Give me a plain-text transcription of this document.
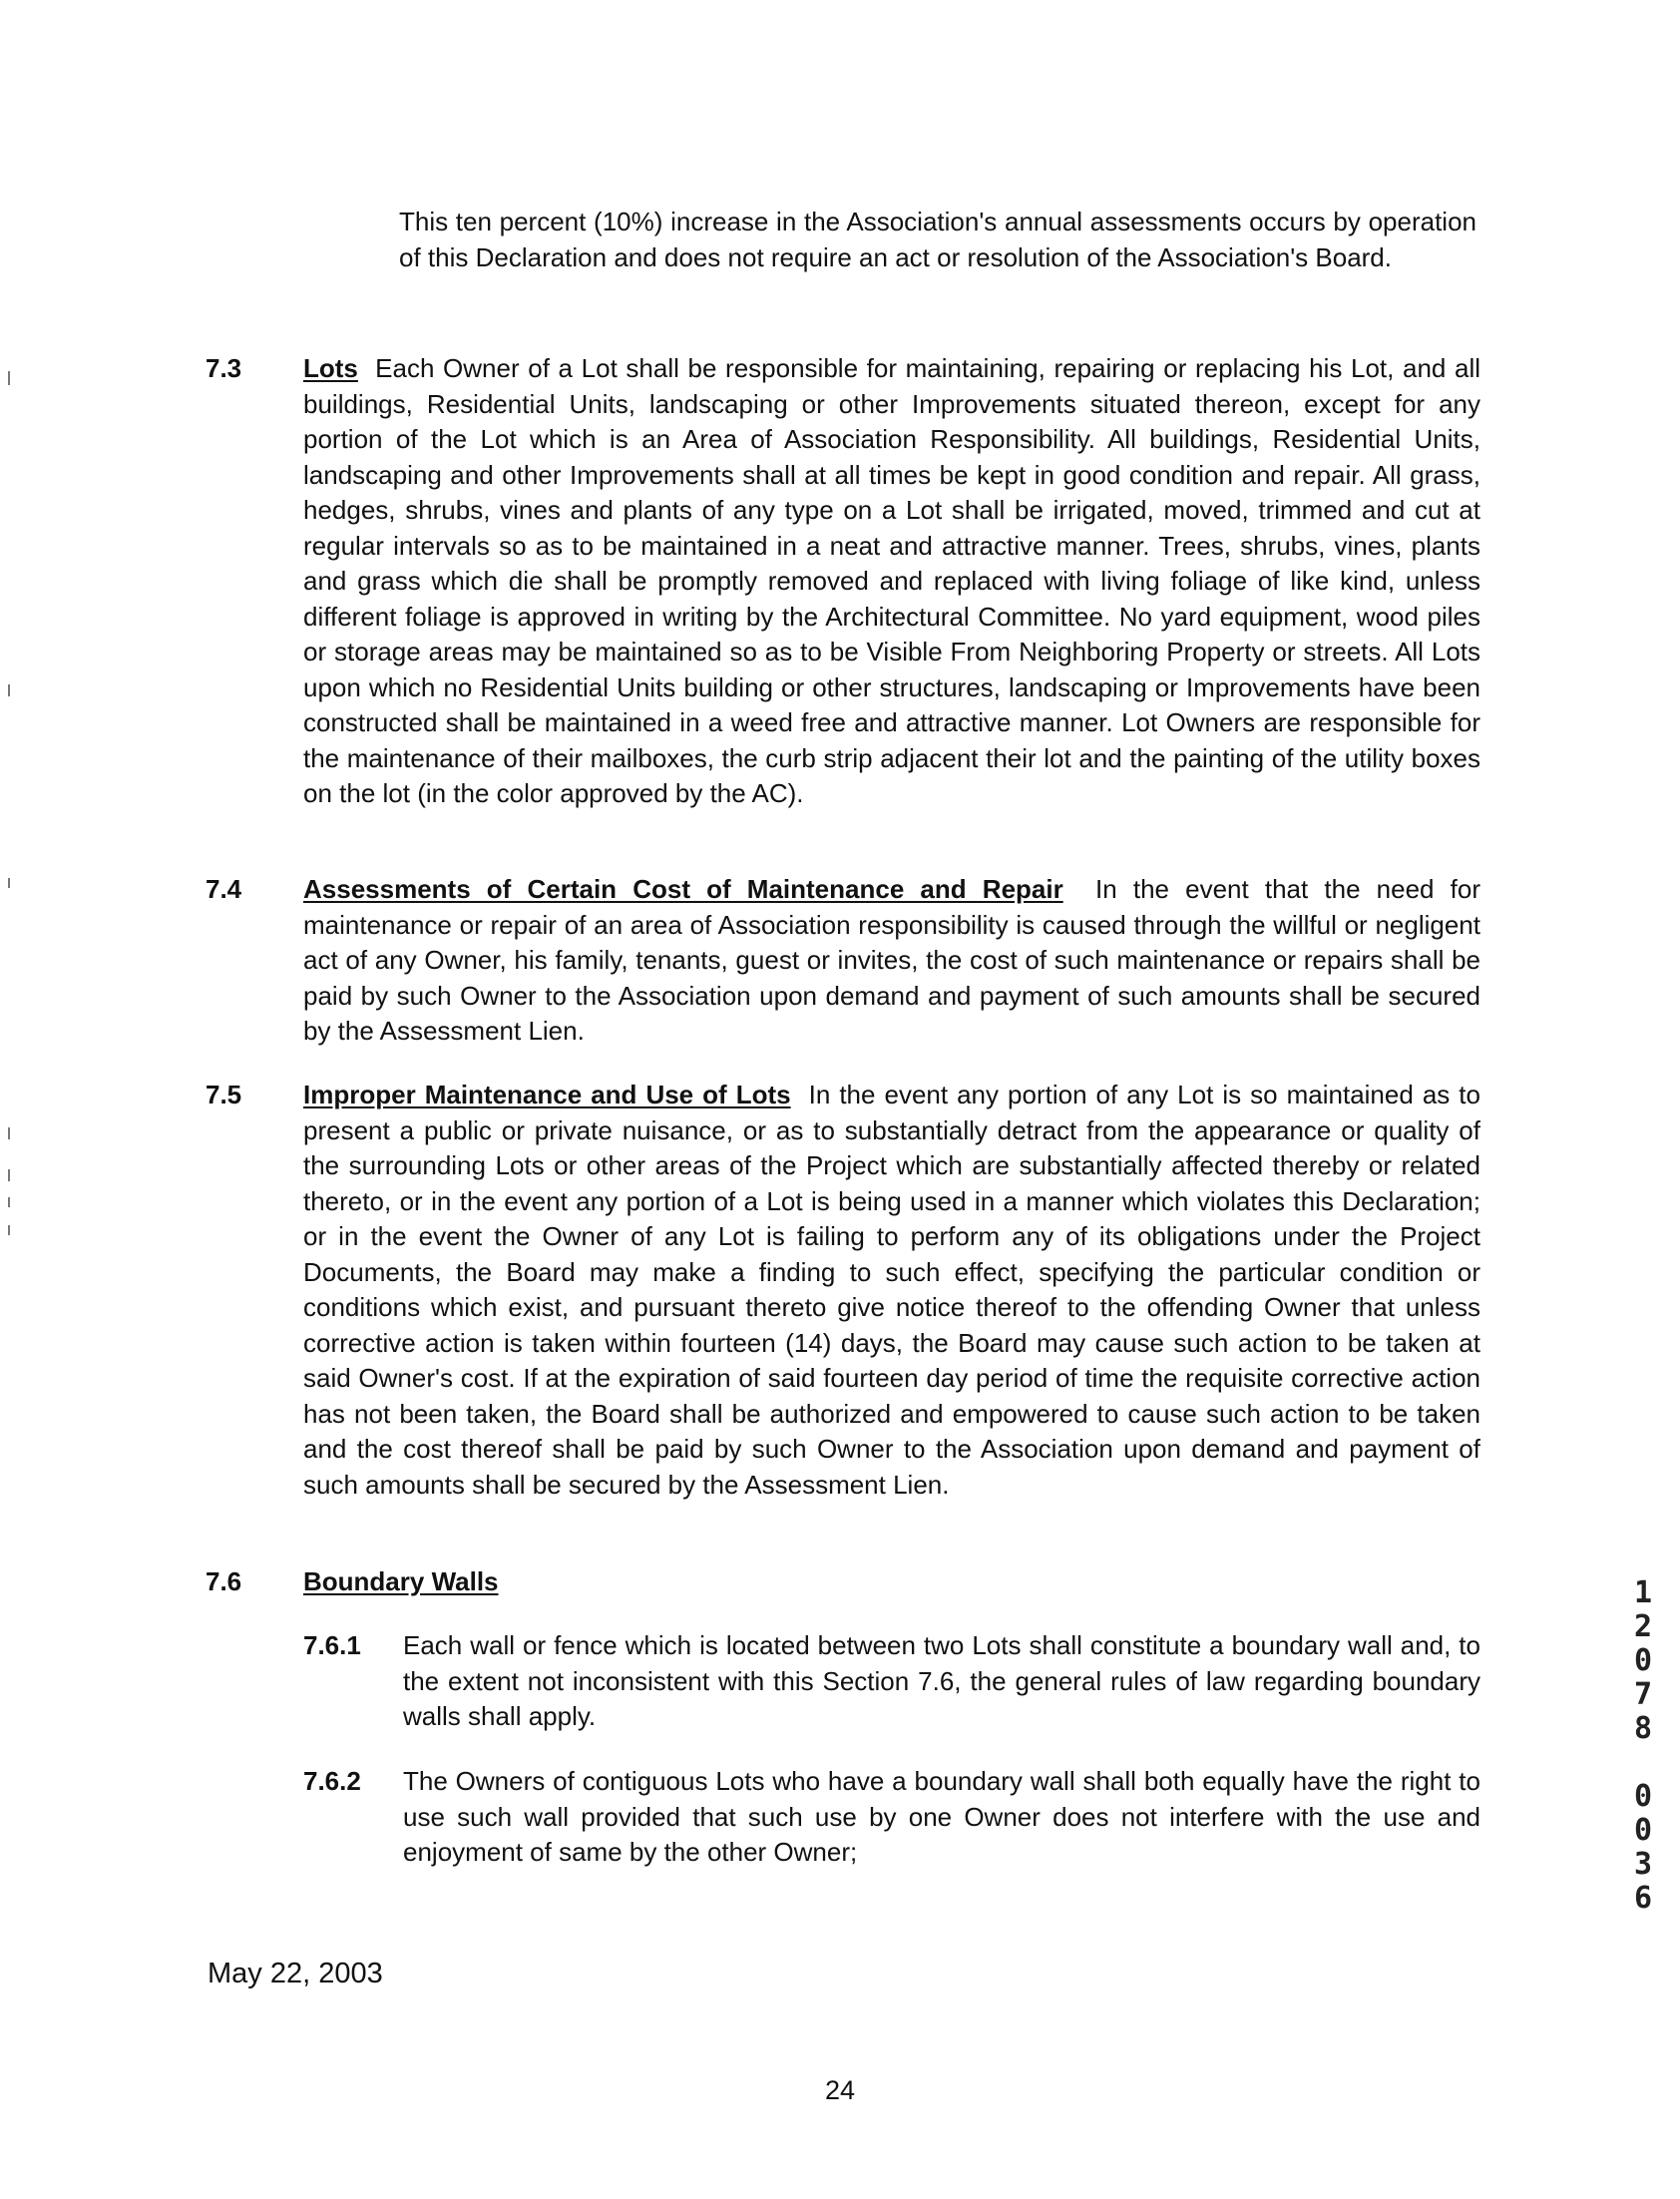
This ten percent (10%) increase in the Association's annual assessments occurs by operation of this Declaration and does not require an act or resolution of the Association's Board.

7.3 Lots Each Owner of a Lot shall be responsible for maintaining, repairing or replacing his Lot, and all buildings, Residential Units, landscaping or other Improvements situated thereon, except for any portion of the Lot which is an Area of Association Responsibility. All buildings, Residential Units, landscaping and other Improvements shall at all times be kept in good condition and repair. All grass, hedges, shrubs, vines and plants of any type on a Lot shall be irrigated, moved, trimmed and cut at regular intervals so as to be maintained in a neat and attractive manner. Trees, shrubs, vines, plants and grass which die shall be promptly removed and replaced with living foliage of like kind, unless different foliage is approved in writing by the Architectural Committee. No yard equipment, wood piles or storage areas may be maintained so as to be Visible From Neighboring Property or streets. All Lots upon which no Residential Units building or other structures, landscaping or Improvements have been constructed shall be maintained in a weed free and attractive manner. Lot Owners are responsible for the maintenance of their mailboxes, the curb strip adjacent their lot and the painting of the utility boxes on the lot (in the color approved by the AC).

7.4 Assessments of Certain Cost of Maintenance and Repair In the event that the need for maintenance or repair of an area of Association responsibility is caused through the willful or negligent act of any Owner, his family, tenants, guest or invites, the cost of such maintenance or repairs shall be paid by such Owner to the Association upon demand and payment of such amounts shall be secured by the Assessment Lien.

7.5 Improper Maintenance and Use of Lots In the event any portion of any Lot is so maintained as to present a public or private nuisance, or as to substantially detract from the appearance or quality of the surrounding Lots or other areas of the Project which are substantially affected thereby or related thereto, or in the event any portion of a Lot is being used in a manner which violates this Declaration; or in the event the Owner of any Lot is failing to perform any of its obligations under the Project Documents, the Board may make a finding to such effect, specifying the particular condition or conditions which exist, and pursuant thereto give notice thereof to the offending Owner that unless corrective action is taken within fourteen (14) days, the Board may cause such action to be taken at said Owner's cost. If at the expiration of said fourteen day period of time the requisite corrective action has not been taken, the Board shall be authorized and empowered to cause such action to be taken and the cost thereof shall be paid by such Owner to the Association upon demand and payment of such amounts shall be secured by the Assessment Lien.

7.6 Boundary Walls

7.6.1 Each wall or fence which is located between two Lots shall constitute a boundary wall and, to the extent not inconsistent with this Section 7.6, the general rules of law regarding boundary walls shall apply.

7.6.2 The Owners of contiguous Lots who have a boundary wall shall both equally have the right to use such wall provided that such use by one Owner does not interfere with the use and enjoyment of same by the other Owner;

May 22, 2003
24
1
2
0
7
8
0
0
3
6
